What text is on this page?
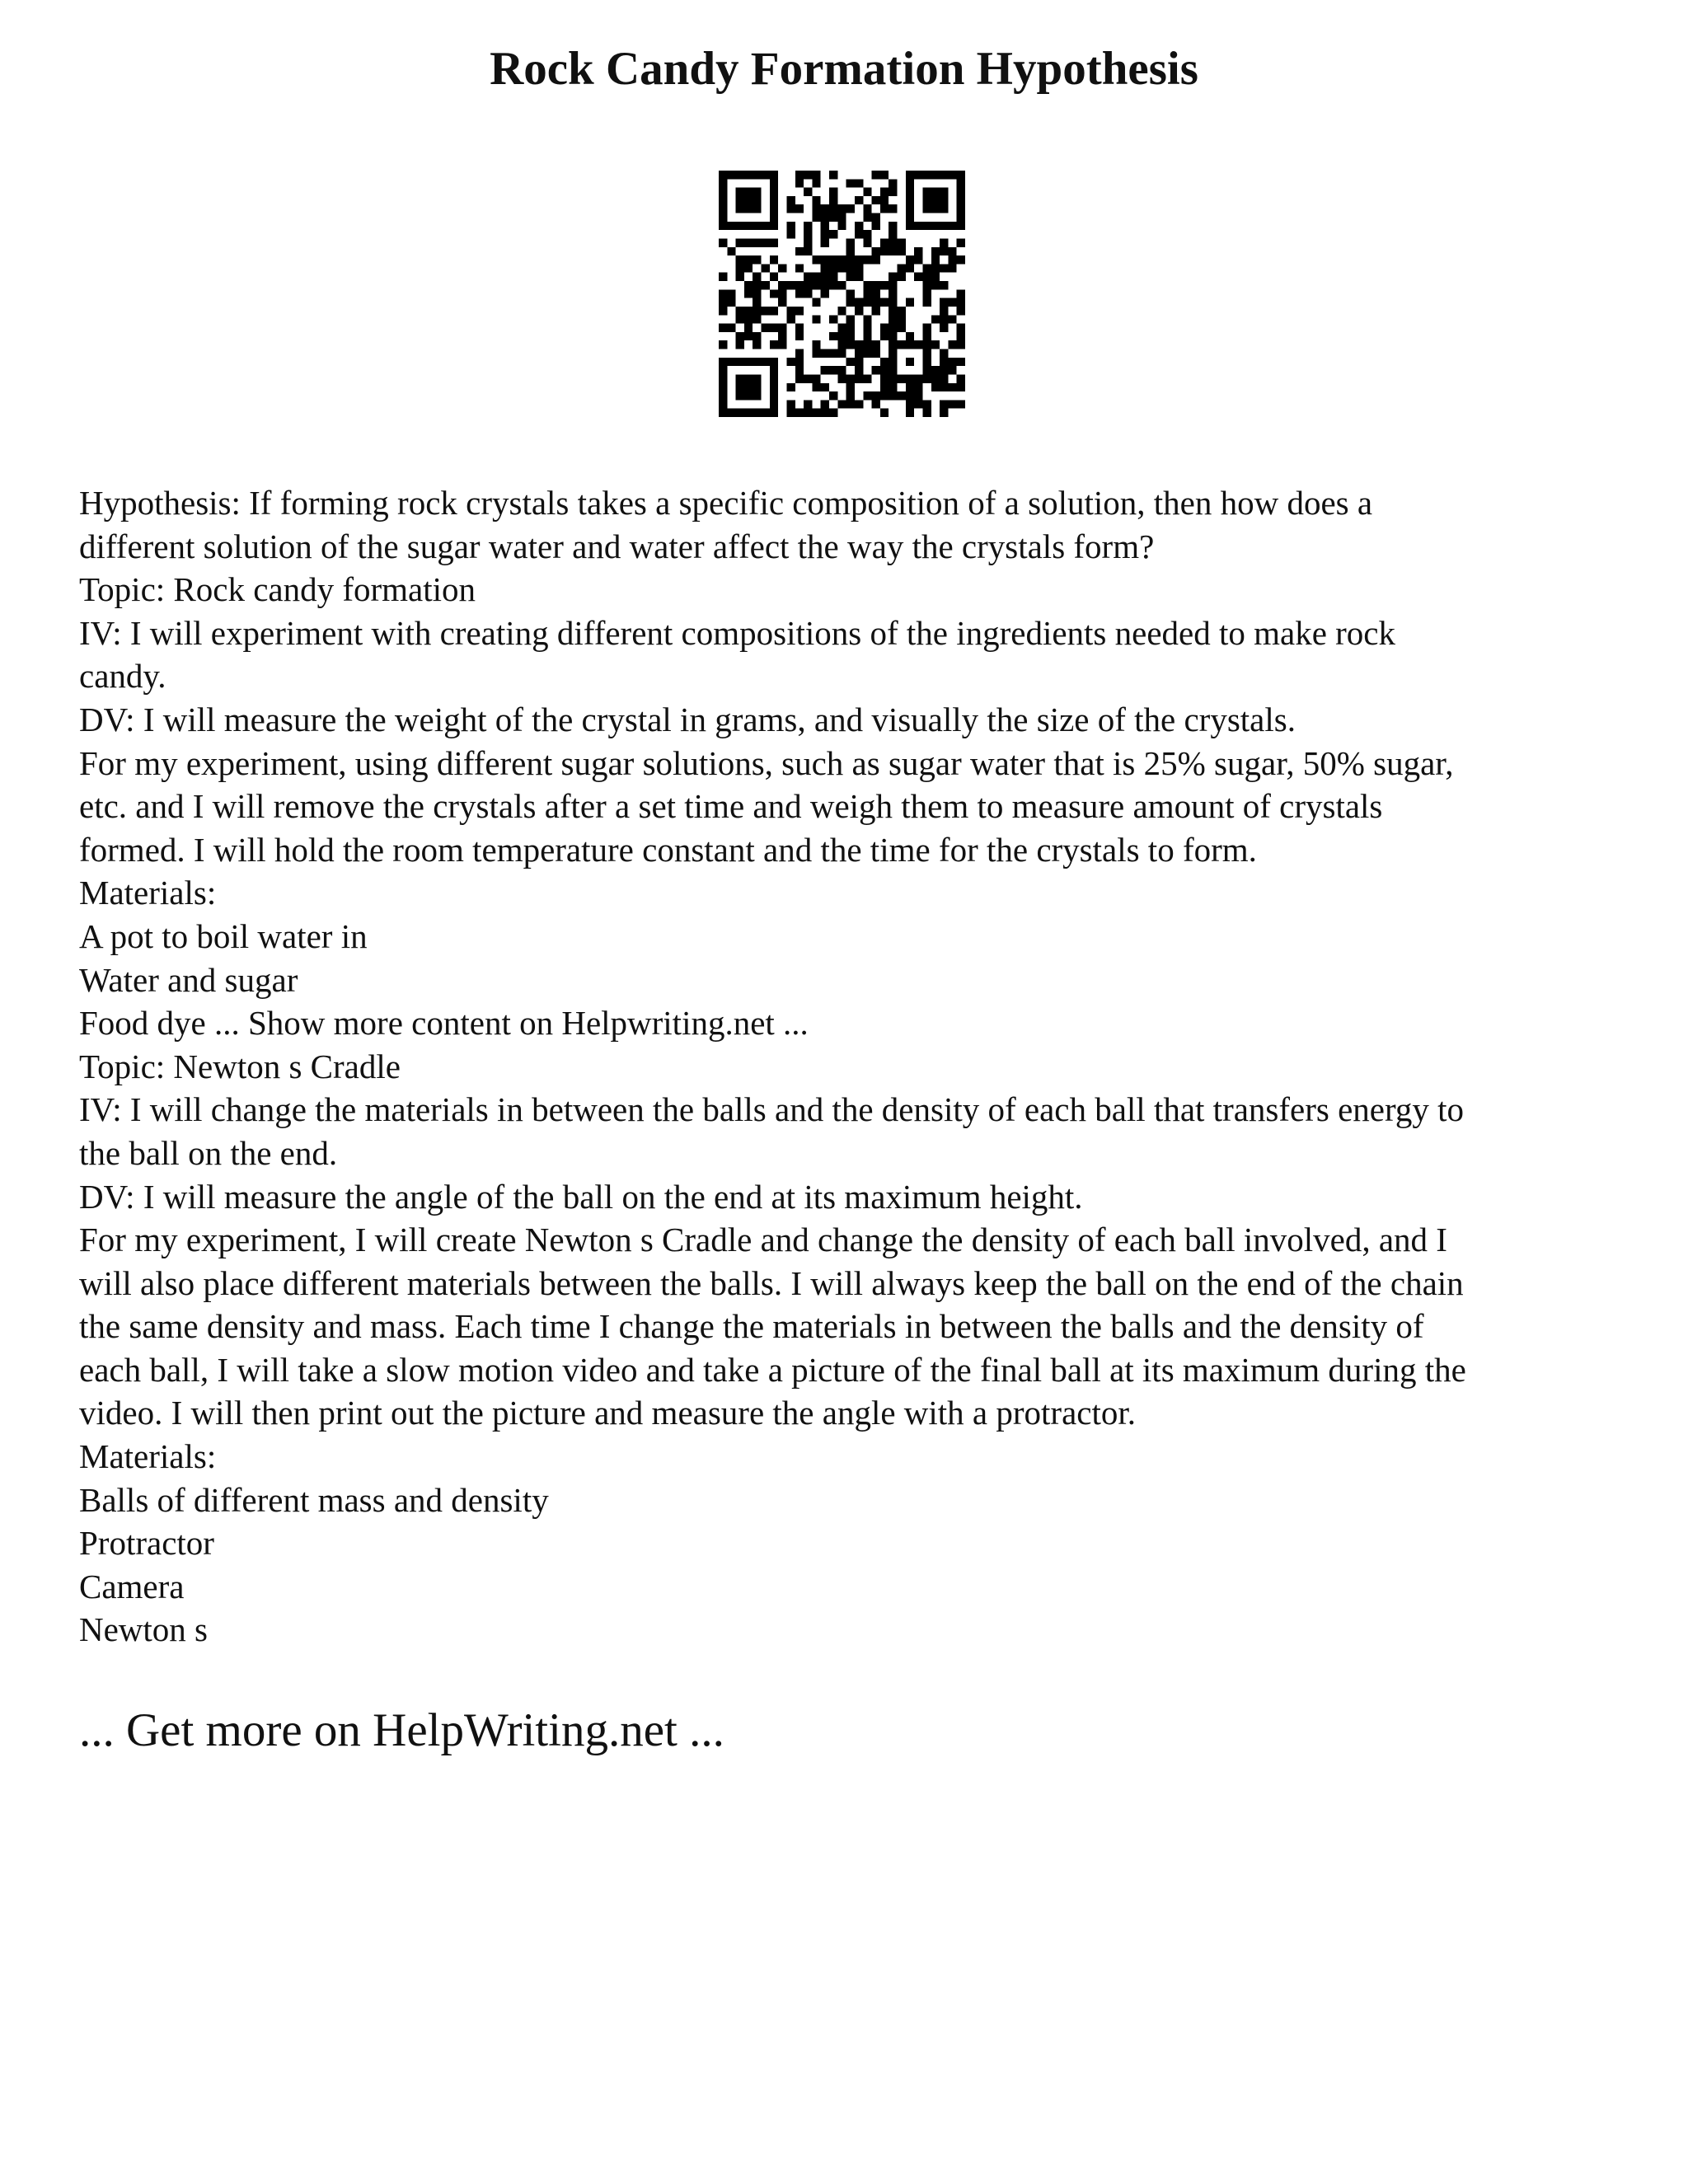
Rock Candy Formation Hypothesis
Hypothesis: If forming rock crystals takes a specific composition of a solution, then how does a
different solution of the sugar water and water affect the way the crystals form?
Topic: Rock candy formation
IV: I will experiment with creating different compositions of the ingredients needed to make rock
candy.
DV: I will measure the weight of the crystal in grams, and visually the size of the crystals.
For my experiment, using different sugar solutions, such as sugar water that is 25% sugar, 50% sugar,
etc. and I will remove the crystals after a set time and weigh them to measure amount of crystals
formed. I will hold the room temperature constant and the time for the crystals to form.
Materials:
A pot to boil water in
Water and sugar
Food dye ... Show more content on Helpwriting.net ...
Topic: Newton s Cradle
IV: I will change the materials in between the balls and the density of each ball that transfers energy to
the ball on the end.
DV: I will measure the angle of the ball on the end at its maximum height.
For my experiment, I will create Newton s Cradle and change the density of each ball involved, and I
will also place different materials between the balls. I will always keep the ball on the end of the chain
the same density and mass. Each time I change the materials in between the balls and the density of
each ball, I will take a slow motion video and take a picture of the final ball at its maximum during the
video. I will then print out the picture and measure the angle with a protractor.
Materials:
Balls of different mass and density
Protractor
Camera
Newton s
... Get more on HelpWriting.net ...
